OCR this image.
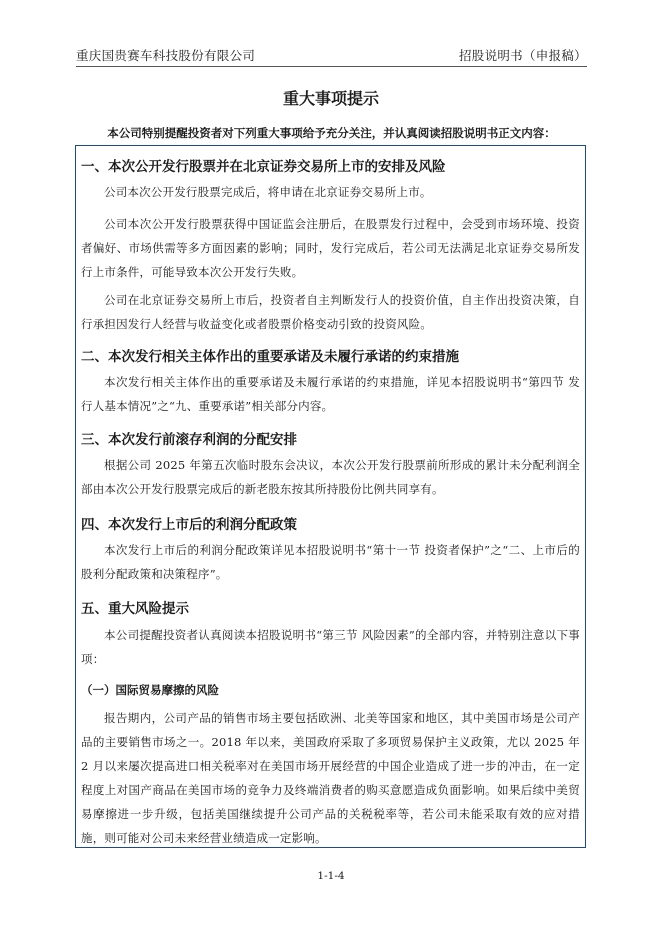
重庆国贵赛车科技股份有限公司	招股说明书（申报稿）
重大事项提示
本公司特别提醒投资者对下列重大事项给予充分关注，并认真阅读招股说明书正文内容：
一、本次公开发行股票并在北京证券交易所上市的安排及风险
公司本次公开发行股票完成后，将申请在北京证券交易所上市。
公司本次公开发行股票获得中国证监会注册后，在股票发行过程中，会受到市场环境、投资者偏好、市场供需等多方面因素的影响；同时，发行完成后，若公司无法满足北京证券交易所发行上市条件，可能导致本次公开发行失败。
公司在北京证券交易所上市后，投资者自主判断发行人的投资价值，自主作出投资决策，自行承担因发行人经营与收益变化或者股票价格变动引致的投资风险。
二、本次发行相关主体作出的重要承诺及未履行承诺的约束措施
本次发行相关主体作出的重要承诺及未履行承诺的约束措施，详见本招股说明书“第四节 发行人基本情况”之“九、重要承诺”相关部分内容。
三、本次发行前滚存利润的分配安排
根据公司 2025 年第五次临时股东会决议，本次公开发行股票前所形成的累计未分配利润全部由本次公开发行股票完成后的新老股东按其所持股份比例共同享有。
四、本次发行上市后的利润分配政策
本次发行上市后的利润分配政策详见本招股说明书“第十一节 投资者保护”之“二、上市后的股利分配政策和决策程序”。
五、重大风险提示
本公司提醒投资者认真阅读本招股说明书“第三节 风险因素”的全部内容，并特别注意以下事项：
（一）国际贸易摩擦的风险
报告期内，公司产品的销售市场主要包括欧洲、北美等国家和地区，其中美国市场是公司产品的主要销售市场之一。2018 年以来，美国政府采取了多项贸易保护主义政策，尤以 2025 年 2 月以来屡次提高进口相关税率对在美国市场开展经营的中国企业造成了进一步的冲击，在一定程度上对国产商品在美国市场的竞争力及终端消费者的购买意愿造成负面影响。如果后续中美贸易摩擦进一步升级，包括美国继续提升公司产品的关税税率等，若公司未能采取有效的应对措施，则可能对公司未来经营业绩造成一定影响。
1-1-4
